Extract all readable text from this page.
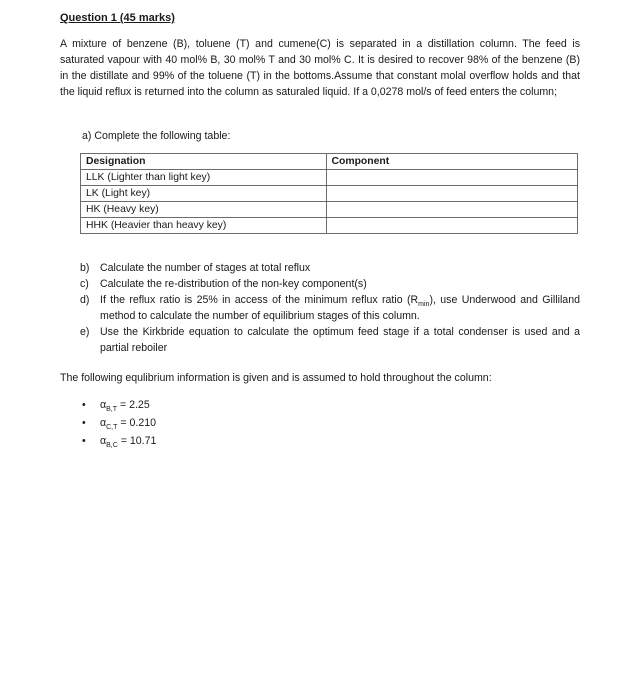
Question 1 (45 marks)
A mixture of benzene (B), toluene (T) and cumene(C) is separated in a distillation column. The feed is saturated vapour with 40 mol% B, 30 mol% T and 30 mol% C. It is desired to recover 98% of the benzene (B) in the distillate and 99% of the toluene (T) in the bottoms.Assume that constant molal overflow holds and that the liquid reflux is returned into the column as saturaled liquid. If a 0,0278 mol/s of feed enters the column;
a) Complete the following table:
Designation	Component
LLK (Lighter than light key)	
LK (Light key)	
HK (Heavy key)	
HHK (Heavier than heavy key)	
b) Calculate the number of stages at total reflux
c) Calculate the re-distribution of the non-key component(s)
d) If the reflux ratio is 25% in access of the minimum reflux ratio $(R_{min})$, use Underwood and Gilliland method to calculate the number of equilibrium stages of this column.
e) Use the Kirkbride equation to calculate the optimum feed stage if a total condenser is used and a partial reboiler
The following equlibrium information is given and is assumed to hold throughout the column:
• $\alpha_{B,T} = 2.25$
• $\alpha_{C,T} = 0.210$
• $\alpha_{B,C} = 10.71$
